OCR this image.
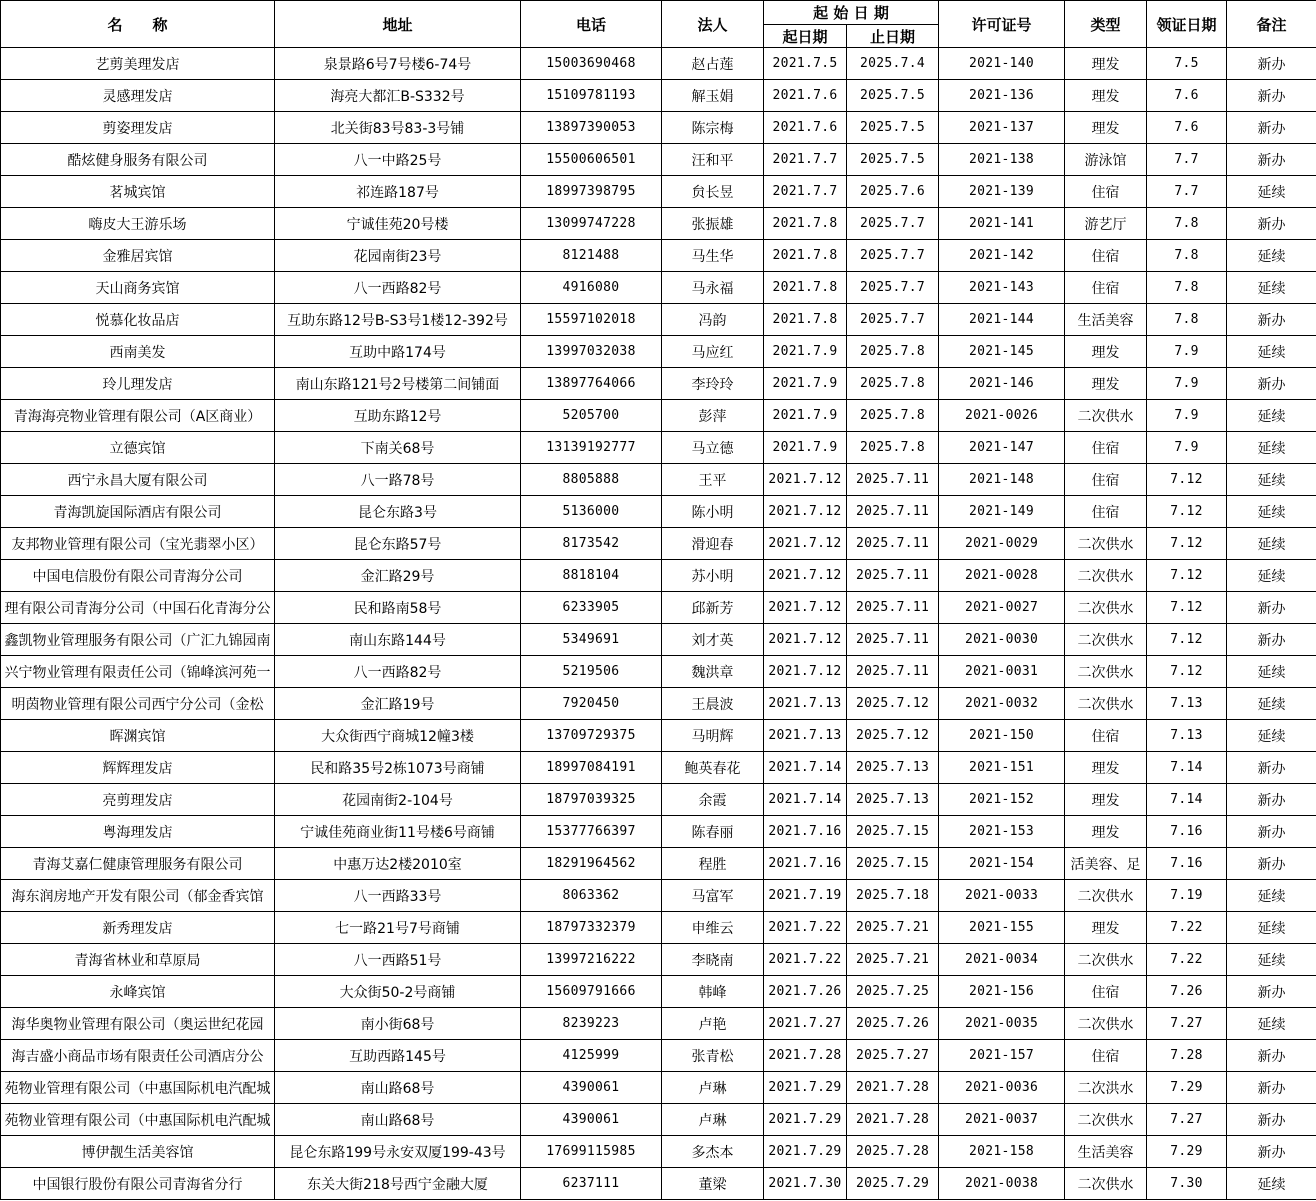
名　　称	地址	电话	法人	起 始 日 期		许可证号	类型	领证日期	备注
				起日期	止日期				
艺剪美理发店	泉景路6号7号楼6-74号	15003690468	赵占莲	2021.7.5	2025.7.4	2021-140	理发	7.5	新办
灵感理发店	海亮大都汇B-S332号	15109781193	解玉娟	2021.7.6	2025.7.5	2021-136	理发	7.6	新办
剪姿理发店	北关街83号83-3号铺	13897390053	陈宗梅	2021.7.6	2025.7.5	2021-137	理发	7.6	新办
酷炫健身服务有限公司	八一中路25号	15500606501	汪和平	2021.7.7	2025.7.5	2021-138	游泳馆	7.7	新办
茗城宾馆	祁连路187号	18997398795	贠长昱	2021.7.7	2025.7.6	2021-139	住宿	7.7	延续
嗨皮大王游乐场	宁诚佳苑20号楼	13099747228	张振雄	2021.7.8	2025.7.7	2021-141	游艺厅	7.8	新办
金雅居宾馆	花园南街23号	8121488	马生华	2021.7.8	2025.7.7	2021-142	住宿	7.8	延续
天山商务宾馆	八一西路82号	4916080	马永福	2021.7.8	2025.7.7	2021-143	住宿	7.8	延续
悦慕化妆品店	互助东路12号B-S3号1楼12-392号	15597102018	冯韵	2021.7.8	2025.7.7	2021-144	生活美容	7.8	新办
西南美发	互助中路174号	13997032038	马应红	2021.7.9	2025.7.8	2021-145	理发	7.9	延续
玲儿理发店	南山东路121号2号楼第二间铺面	13897764066	李玲玲	2021.7.9	2025.7.8	2021-146	理发	7.9	新办
青海海亮物业管理有限公司（A区商业）	互助东路12号	5205700	彭萍	2021.7.9	2025.7.8	2021-0026	二次供水	7.9	延续
立德宾馆	下南关68号	13139192777	马立德	2021.7.9	2025.7.8	2021-147	住宿	7.9	延续
西宁永昌大厦有限公司	八一路78号	8805888	王平	2021.7.12	2025.7.11	2021-148	住宿	7.12	延续
青海凯旋国际酒店有限公司	昆仑东路3号	5136000	陈小明	2021.7.12	2025.7.11	2021-149	住宿	7.12	延续
友邦物业管理有限公司（宝光翡翠小区）	昆仑东路57号	8173542	滑迎春	2021.7.12	2025.7.11	2021-0029	二次供水	7.12	延续
中国电信股份有限公司青海分公司	金汇路29号	8818104	苏小明	2021.7.12	2025.7.11	2021-0028	二次供水	7.12	延续
理有限公司青海分公司（中国石化青海分公	民和路南58号	6233905	邱新芳	2021.7.12	2025.7.11	2021-0027	二次供水	7.12	新办
鑫凯物业管理服务有限公司（广汇九锦园南	南山东路144号	5349691	刘才英	2021.7.12	2025.7.11	2021-0030	二次供水	7.12	新办
兴宁物业管理有限责任公司（锦峰滨河苑一	八一西路82号	5219506	魏洪章	2021.7.12	2025.7.11	2021-0031	二次供水	7.12	延续
明茵物业管理有限公司西宁分公司（金松	金汇路19号	7920450	王晨波	2021.7.13	2025.7.12	2021-0032	二次供水	7.13	延续
晖渊宾馆	大众街西宁商城12幢3楼	13709729375	马明辉	2021.7.13	2025.7.12	2021-150	住宿	7.13	延续
辉辉理发店	民和路35号2栋1073号商铺	18997084191	鲍英春花	2021.7.14	2025.7.13	2021-151	理发	7.14	新办
亮剪理发店	花园南街2-104号	18797039325	余霞	2021.7.14	2025.7.13	2021-152	理发	7.14	新办
粤海理发店	宁诚佳苑商业街11号楼6号商铺	15377766397	陈春丽	2021.7.16	2025.7.15	2021-153	理发	7.16	新办
青海艾嘉仁健康管理服务有限公司	中惠万达2楼2010室	18291964562	程胜	2021.7.16	2025.7.15	2021-154	活美容、足	7.16	新办
海东润房地产开发有限公司（郁金香宾馆	八一西路33号	8063362	马富军	2021.7.19	2025.7.18	2021-0033	二次供水	7.19	延续
新秀理发店	七一路21号7号商铺	18797332379	申维云	2021.7.22	2025.7.21	2021-155	理发	7.22	延续
青海省林业和草原局	八一西路51号	13997216222	李晓南	2021.7.22	2025.7.21	2021-0034	二次供水	7.22	延续
永峰宾馆	大众街50-2号商铺	15609791666	韩峰	2021.7.26	2025.7.25	2021-156	住宿	7.26	新办
海华奥物业管理有限公司（奥运世纪花园	南小街68号	8239223	卢艳	2021.7.27	2025.7.26	2021-0035	二次供水	7.27	延续
海吉盛小商品市场有限责任公司酒店分公	互助西路145号	4125999	张青松	2021.7.28	2025.7.27	2021-157	住宿	7.28	新办
苑物业管理有限公司（中惠国际机电汽配城	南山路68号	4390061	卢琳	2021.7.29	2021.7.28	2021-0036	二次洪水	7.29	新办
苑物业管理有限公司（中惠国际机电汽配城	南山路68号	4390061	卢琳	2021.7.29	2021.7.28	2021-0037	二次供水	7.27	新办
博伊靓生活美容馆	昆仑东路199号永安双厦199-43号	17699115985	多杰本	2021.7.29	2025.7.28	2021-158	生活美容	7.29	新办
中国银行股份有限公司青海省分行	东关大街218号西宁金融大厦	6237111	董梁	2021.7.30	2025.7.29	2021-0038	二次供水	7.30	延续
